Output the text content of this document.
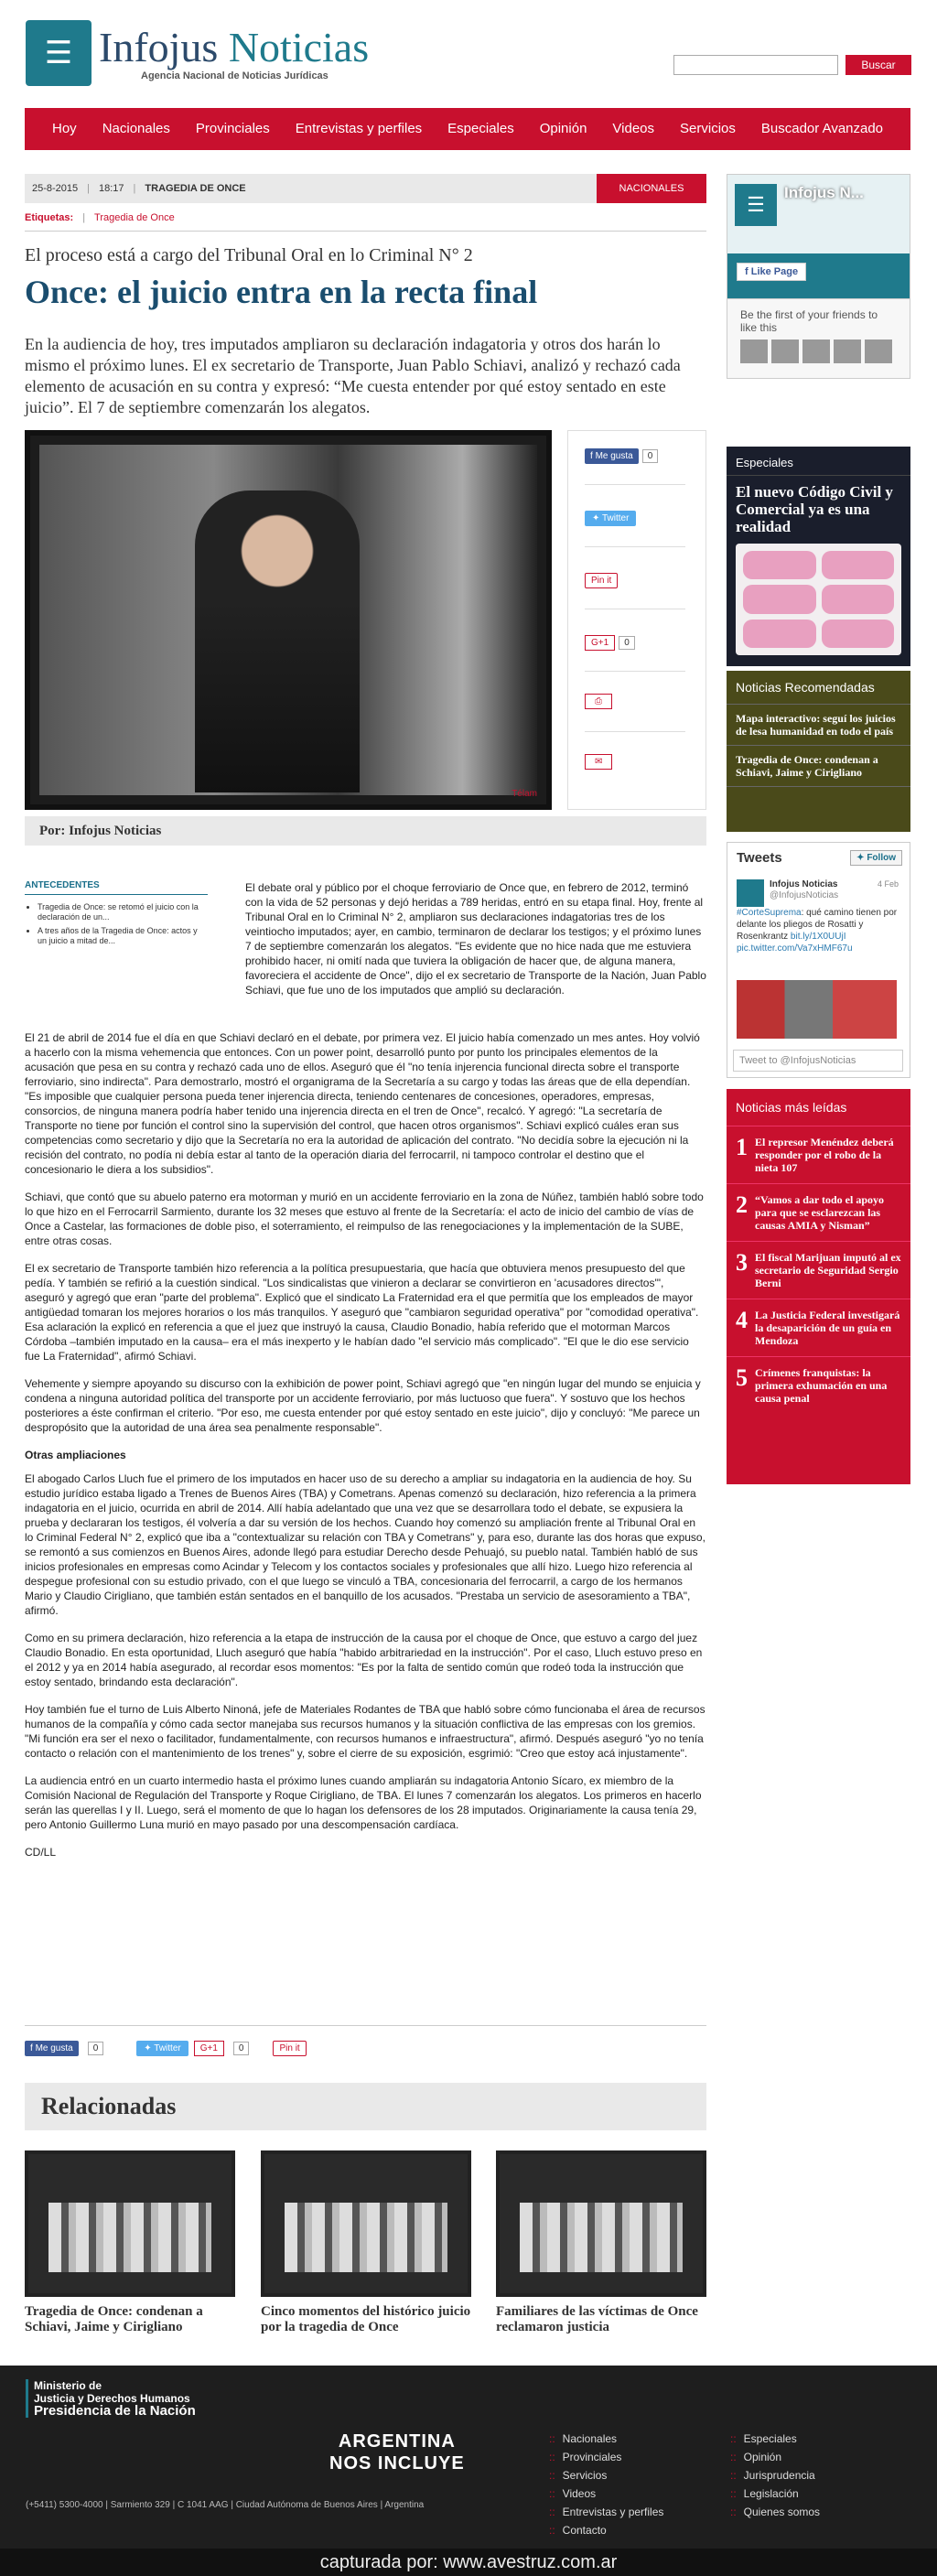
☰ Infojus Noticias
Agencia Nacional de Noticias Jurídicas
Buscar
Hoy	Nacionales	Provinciales	Entrevistas y perfiles	Especiales	Opinión	Videos	Servicios	Buscador Avanzado
25-8-2015 | 18:17 | TRAGEDIA DE ONCE	NACIONALES
Etiquetas: | Tragedia de Once
El proceso está a cargo del Tribunal Oral en lo Criminal N° 2
Once: el juicio entra en la recta final

En la audiencia de hoy, tres imputados ampliaron su declaración indagatoria y otros dos harán lo mismo el próximo lunes. El ex secretario de Transporte, Juan Pablo Schiavi, analizó y rechazó cada elemento de acusación en su contra y expresó: “Me cuesta entender por qué estoy sentado en este juicio”. El 7 de septiembre comenzarán los alegatos.

Télam
f Me gusta 0
✦ Twitter
Pin it
G+1 0
⎙
✉
Por: Infojus Noticias
ANTECEDENTES
• Tragedia de Once: se retomó el juicio con la declaración de un...
• A tres años de la Tragedia de Once: actos y un juicio a mitad de...

El debate oral y público por el choque ferroviario de Once que, en febrero de 2012, terminó con la vida de 52 personas y dejó heridas a 789 heridas, entró en su etapa final. Hoy, frente al Tribunal Oral en lo Criminal N° 2, ampliaron sus declaraciones indagatorias tres de los veintiocho imputados; ayer, en cambio, terminaron de declarar los testigos; y el próximo lunes 7 de septiembre comenzarán los alegatos. "Es evidente que no hice nada que me estuviera prohibido hacer, ni omití nada que tuviera la obligación de hacer que, de alguna manera, favoreciera el accidente de Once", dijo el ex secretario de Transporte de la Nación, Juan Pablo Schiavi, que fue uno de los imputados que amplió su declaración.

El 21 de abril de 2014 fue el día en que Schiavi declaró en el debate, por primera vez. El juicio había comenzado un mes antes. Hoy volvió a hacerlo con la misma vehemencia que entonces. Con un power point, desarrolló punto por punto los principales elementos de la acusación que pesa en su contra y rechazó cada uno de ellos. Aseguró que él "no tenía injerencia funcional directa sobre el transporte ferroviario, sino indirecta". Para demostrarlo, mostró el organigrama de la Secretaría a su cargo y todas las áreas que de ella dependían. "Es imposible que cualquier persona pueda tener injerencia directa, teniendo centenares de concesiones, operadores, empresas, consorcios, de ninguna manera podría haber tenido una injerencia directa en el tren de Once", recalcó. Y agregó: "La secretaría de Transporte no tiene por función el control sino la supervisión del control, que hacen otros organismos". Schiavi explicó cuáles eran sus competencias como secretario y dijo que la Secretaría no era la autoridad de aplicación del contrato. "No decidía sobre la ejecución ni la recisión del contrato, no podía ni debía estar al tanto de la operación diaria del ferrocarril, ni tampoco controlar el destino que el concesionario le diera a los subsidios".

Schiavi, que contó que su abuelo paterno era motorman y murió en un accidente ferroviario en la zona de Núñez, también habló sobre todo lo que hizo en el Ferrocarril Sarmiento, durante los 32 meses que estuvo al frente de la Secretaría: el acto de inicio del cambio de vías de Once a Castelar, las formaciones de doble piso, el soterramiento, el reimpulso de las renegociaciones y la implementación de la SUBE, entre otras cosas.

El ex secretario de Transporte también hizo referencia a la política presupuestaria, que hacía que obtuviera menos presupuesto del que pedía. Y también se refirió a la cuestión sindical. "Los sindicalistas que vinieron a declarar se convirtieron en 'acusadores directos'", aseguró y agregó que eran "parte del problema". Explicó que el sindicato La Fraternidad era el que permitía que los empleados de mayor antigüedad tomaran los mejores horarios o los más tranquilos. Y aseguró que "cambiaron seguridad operativa" por "comodidad operativa". Esa aclaración la explicó en referencia a que el juez que instruyó la causa, Claudio Bonadio, había referido que el motorman Marcos Córdoba –también imputado en la causa– era el más inexperto y le habían dado "el servicio más complicado". "El que le dio ese servicio fue La Fraternidad", afirmó Schiavi.

Vehemente y siempre apoyando su discurso con la exhibición de power point, Schiavi agregó que "en ningún lugar del mundo se enjuicia y condena a ninguna autoridad política del transporte por un accidente ferroviario, por más luctuoso que fuera". Y sostuvo que los hechos posteriores a éste confirman el criterio. "Por eso, me cuesta entender por qué estoy sentado en este juicio", dijo y concluyó: "Me parece un despropósito que la autoridad de una área sea penalmente responsable".

Otras ampliaciones

El abogado Carlos Lluch fue el primero de los imputados en hacer uso de su derecho a ampliar su indagatoria en la audiencia de hoy. Su estudio jurídico estaba ligado a Trenes de Buenos Aires (TBA) y Cometrans. Apenas comenzó su declaración, hizo referencia a la primera indagatoria en el juicio, ocurrida en abril de 2014. Allí había adelantado que una vez que se desarrollara todo el debate, se expusiera la prueba y declararan los testigos, él volvería a dar su versión de los hechos. Cuando hoy comenzó su ampliación frente al Tribunal Oral en lo Criminal Federal N° 2, explicó que iba a "contextualizar su relación con TBA y Cometrans" y, para eso, durante las dos horas que expuso, se remontó a sus comienzos en Buenos Aires, adonde llegó para estudiar Derecho desde Pehuajó, su pueblo natal. También habló de sus inicios profesionales en empresas como Acindar y Telecom y los contactos sociales y profesionales que allí hizo. Luego hizo referencia al despegue profesional con su estudio privado, con el que luego se vinculó a TBA, concesionaria del ferrocarril, a cargo de los hermanos Mario y Claudio Cirigliano, que también están sentados en el banquillo de los acusados. "Prestaba un servicio de asesoramiento a TBA", afirmó.

Como en su primera declaración, hizo referencia a la etapa de instrucción de la causa por el choque de Once, que estuvo a cargo del juez Claudio Bonadio. En esta oportunidad, Lluch aseguró que había "habido arbitrariedad en la instrucción". Por el caso, Lluch estuvo preso en el 2012 y ya en 2014 había asegurado, al recordar esos momentos: "Es por la falta de sentido común que rodeó toda la instrucción que estoy sentado, brindando esta declaración".

Hoy también fue el turno de Luis Alberto Ninoná, jefe de Materiales Rodantes de TBA que habló sobre cómo funcionaba el área de recursos humanos de la compañía y cómo cada sector manejaba sus recursos humanos y la situación conflictiva de las empresas con los gremios. "Mi función era ser el nexo o facilitador, fundamentalmente, con recursos humanos e infraestructura", afirmó. Después aseguró "yo no tenía contacto o relación con el mantenimiento de los trenes" y, sobre el cierre de su exposición, esgrimió: "Creo que estoy acá injustamente".

La audiencia entró en un cuarto intermedio hasta el próximo lunes cuando ampliarán su indagatoria Antonio Sícaro, ex miembro de la Comisión Nacional de Regulación del Transporte y Roque Cirigliano, de TBA. El lunes 7 comenzarán los alegatos. Los primeros en hacerlo serán las querellas I y II. Luego, será el momento de que lo hagan los defensores de los 28 imputados. Originariamente la causa tenía 29, pero Antonio Guillermo Luna murió en mayo pasado por una descompensación cardíaca.

CD/LL

f Me gusta	0	✦ Twitter	G+1	0	Pin it
Relacionadas
Tragedia de Once: condenan a Schiavi, Jaime y Cirigliano
Cinco momentos del histórico juicio por la tragedia de Once
Familiares de las víctimas de Once reclamaron justicia
☰
Infojus N...
f Like Page
Be the first of your friends to like this
Especiales
El nuevo Código Civil y Comercial ya es una realidad
Noticias Recomendadas
Mapa interactivo: seguí los juicios de lesa humanidad en todo el país
Tragedia de Once: condenan a Schiavi, Jaime y Cirigliano
Tweets	✦ Follow
Infojus Noticias
@InfojusNoticias
4 Feb
#CorteSuprema: qué camino tienen por delante los pliegos de Rosatti y Rosenkrantz bit.ly/1X0UUjI pic.twitter.com/Va7xHMF67u
Tweet to @InfojusNoticias
Noticias más leídas
1 El represor Menéndez deberá responder por el robo de la nieta 107
2 “Vamos a dar todo el apoyo para que se esclarezcan las causas AMIA y Nisman”
3 El fiscal Marijuan imputó al ex secretario de Seguridad Sergio Berni
4 La Justicia Federal investigará la desaparición de un guía en Mendoza
5 Crímenes franquistas: la primera exhumación en una causa penal
Ministerio de
Justicia y Derechos Humanos
Presidencia de la Nación
ARGENTINA
NOS INCLUYE
(+5411) 5300-4000 | Sarmiento 329 | C 1041 AAG | Ciudad Autónoma de Buenos Aires | Argentina
:: Nacionales
:: Provinciales
:: Servicios
:: Videos
:: Entrevistas y perfiles
:: Contacto
:: Especiales
:: Opinión
:: Jurisprudencia
:: Legislación
:: Quienes somos
capturada por: www.avestruz.com.ar
